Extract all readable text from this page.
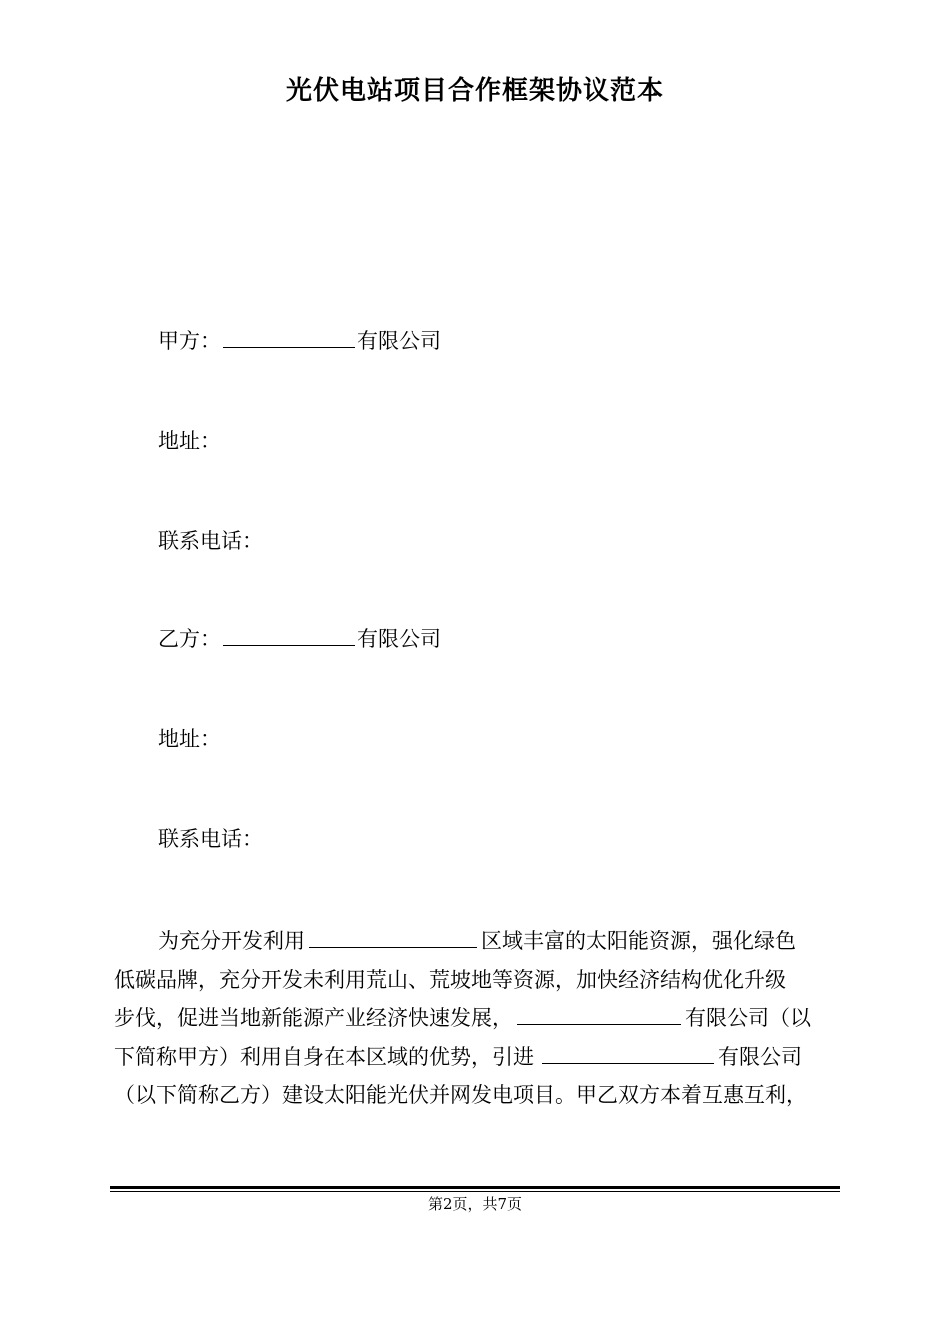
光伏电站项目合作框架协议范本
甲方：	有限公司
地址：
联系电话：
乙方：	有限公司
地址：
联系电话：
为充分开发利用	区域丰富的太阳能资源，强化绿色
低碳品牌，充分开发未利用荒山、荒坡地等资源，加快经济结构优化升级
步伐，促进当地新能源产业经济快速发展，	有限公司（以
下简称甲方）利用自身在本区域的优势，引进	有限公司
（以下简称乙方）建设太阳能光伏并网发电项目。甲乙双方本着互惠互利，
第2页，共7页
